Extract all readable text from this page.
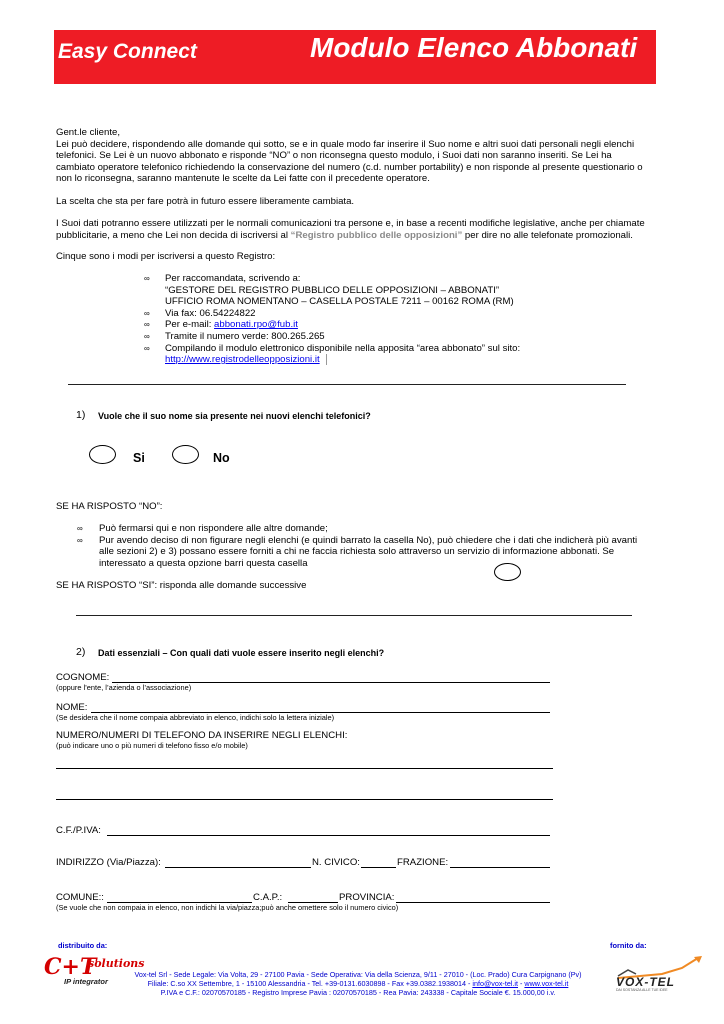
Easy Connect	Modulo Elenco Abbonati
Gent.le cliente,
Lei può decidere, rispondendo alle domande qui sotto, se e in quale modo far inserire il Suo nome e altri suoi dati personali negli elenchi
telefonici. Se Lei è un nuovo abbonato e risponde “NO” o non riconsegna questo modulo, i Suoi dati non saranno inseriti. Se Lei ha
cambiato operatore telefonico richiedendo la conservazione del numero (c.d. number portability) e non risponde al presente questionario o
non lo riconsegna, saranno mantenute le scelte da Lei fatte con il precedente operatore.
La scelta che sta per fare potrà in futuro essere liberamente cambiata.
I Suoi dati potranno essere utilizzati per le normali comunicazioni tra persone e, in base a recenti modifiche legislative, anche per chiamate
pubblicitarie, a meno che Lei non decida di iscriversi al “Registro pubblico delle opposizioni” per dire no alle telefonate promozionali.
Cinque sono i modi per iscriversi a questo Registro:
∞ Per raccomandata, scrivendo a:
“GESTORE DEL REGISTRO PUBBLICO DELLE OPPOSIZIONI – ABBONATI”
UFFICIO ROMA NOMENTANO – CASELLA POSTALE 7211 – 00162 ROMA (RM)
∞ Via fax: 06.54224822
∞ Per e-mail: abbonati.rpo@fub.it
∞ Tramite il numero verde: 800.265.265
∞ Compilando il modulo elettronico disponibile nella apposita “area abbonato” sul sito:
http://www.registrodelleopposizioni.it
1) Vuole che il suo nome sia presente nei nuovi elenchi telefonici?
Si	No
SE HA RISPOSTO “NO”:
∞ Può fermarsi qui e non rispondere alle altre domande;
∞ Pur avendo deciso di non figurare negli elenchi (e quindi barrato la casella No), può chiedere che i dati che indicherà più avanti
alle sezioni 2) e 3) possano essere forniti a chi ne faccia richiesta solo attraverso un servizio di informazione abbonati. Se
interessato a questa opzione barri questa casella
SE HA RISPOSTO “SI”: risponda alle domande successive
2) Dati essenziali – Con quali dati vuole essere inserito negli elenchi?
COGNOME:
(oppure l’ente, l’azienda o l’associazione)
NOME:
(Se desidera che il nome compaia abbreviato in elenco, indichi solo la lettera iniziale)
NUMERO/NUMERI DI TELEFONO DA INSERIRE NEGLI ELENCHI:
(può indicare uno o più numeri di telefono fisso e/o mobile)
C.F./P.IVA:
INDIRIZZO (Via/Piazza):	N. CIVICO:	FRAZIONE:
COMUNE::	C.A.P.:	PROVINCIA:
(Se vuole che non compaia in elenco, non indichi la via/piazza;può anche omettere solo il numero civico)
distribuito da:	fornito da:
C+T
solutions
IP integrator
Vox-tel Srl - Sede Legale: Via Volta, 29 - 27100 Pavia - Sede Operativa: Via della Scienza, 9/11 - 27010 - (Loc. Prado) Cura Carpignano (Pv)
Filiale: C.so XX Settembre, 1 - 15100 Alessandria - Tel. +39-0131.6030898 - Fax +39.0382.1938014 - info@vox-tel.it - www.vox-tel.it
P.IVA e C.F.: 02070570185 - Registro Imprese Pavia : 02070570185 - Rea Pavia: 243338 - Capitale Sociale €. 15.000,00 i.v.
VOX-TEL
DAI SOSTANZA ALLE TUE IDEE
